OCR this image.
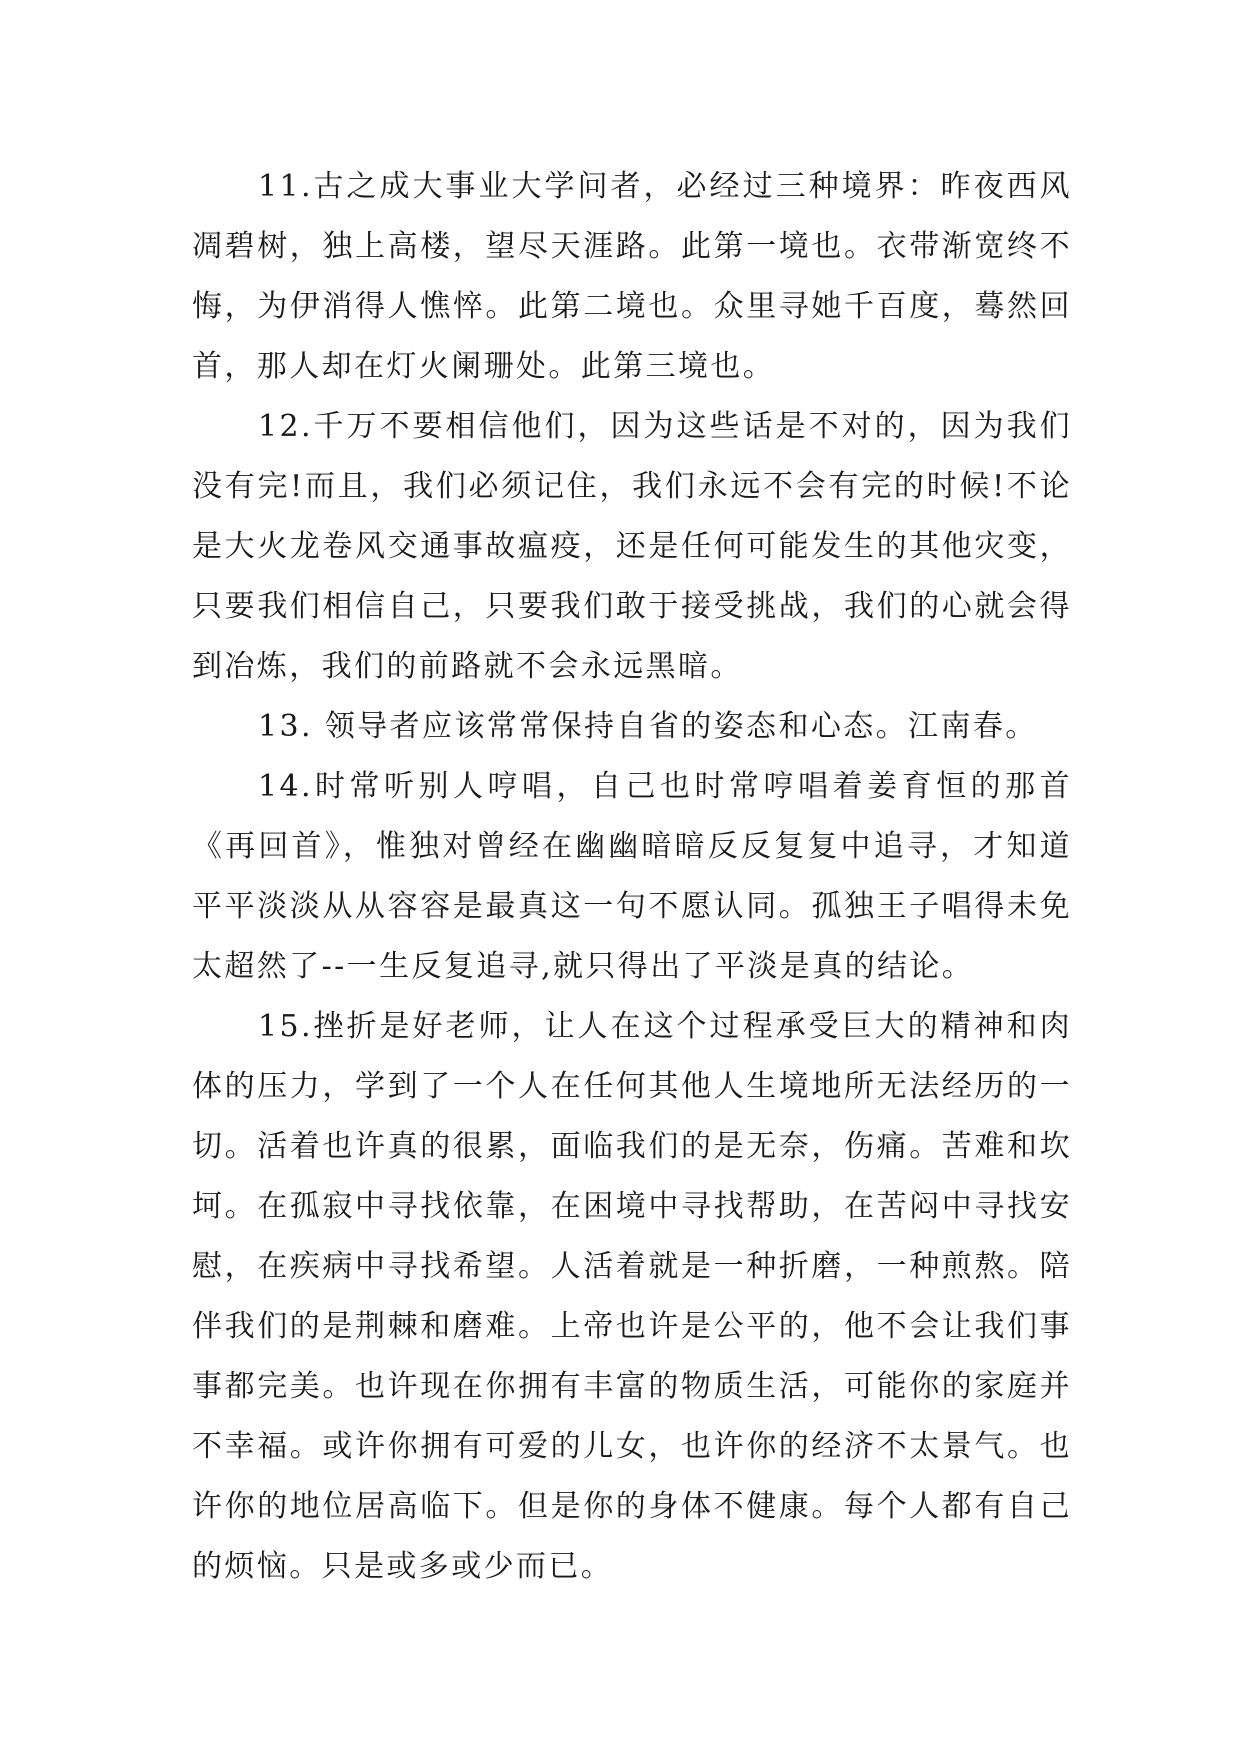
11.古之成大事业大学问者，必经过三种境界：昨夜西风凋碧树，独上高楼，望尽天涯路。此第一境也。衣带渐宽终不悔，为伊消得人憔悴。此第二境也。众里寻她千百度，蓦然回首，那人却在灯火阑珊处。此第三境也。

12.千万不要相信他们，因为这些话是不对的，因为我们没有完!而且，我们必须记住，我们永远不会有完的时候!不论是大火龙卷风交通事故瘟疫，还是任何可能发生的其他灾变，只要我们相信自己，只要我们敢于接受挑战，我们的心就会得到冶炼，我们的前路就不会永远黑暗。

13. 领导者应该常常保持自省的姿态和心态。江南春。

14.时常听别人哼唱，自己也时常哼唱着姜育恒的那首《再回首》，惟独对曾经在幽幽暗暗反反复复中追寻，才知道平平淡淡从从容容是最真这一句不愿认同。孤独王子唱得未免太超然了--一生反复追寻,就只得出了平淡是真的结论。

15.挫折是好老师，让人在这个过程承受巨大的精神和肉体的压力，学到了一个人在任何其他人生境地所无法经历的一切。活着也许真的很累，面临我们的是无奈，伤痛。苦难和坎坷。在孤寂中寻找依靠，在困境中寻找帮助，在苦闷中寻找安慰，在疾病中寻找希望。人活着就是一种折磨，一种煎熬。陪伴我们的是荆棘和磨难。上帝也许是公平的，他不会让我们事事都完美。也许现在你拥有丰富的物质生活，可能你的家庭并不幸福。或许你拥有可爱的儿女，也许你的经济不太景气。也许你的地位居高临下。但是你的身体不健康。每个人都有自己的烦恼。只是或多或少而已。
